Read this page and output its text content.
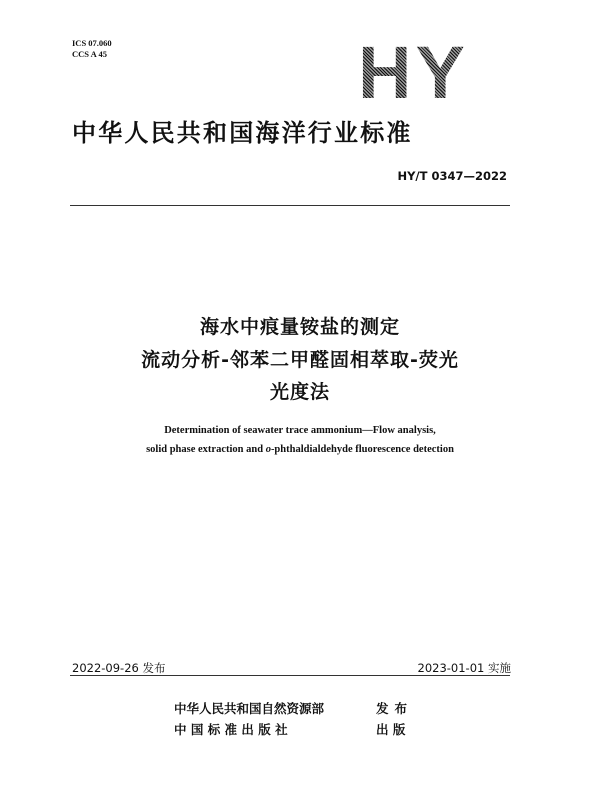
ICS 07.060
CCS A 45	HY
中华人民共和国海洋行业标准
HY/T 0347—2022
海水中痕量铵盐的测定
流动分析-邻苯二甲醛固相萃取-荧光
光度法
Determination of seawater trace ammonium—Flow analysis,
solid phase extraction and o-phthaldialdehyde fluorescence detection
2022-09-26 发布	2023-01-01 实施
中华人民共和国自然资源部	发布
中 国 标 准 出 版 社	出 版
